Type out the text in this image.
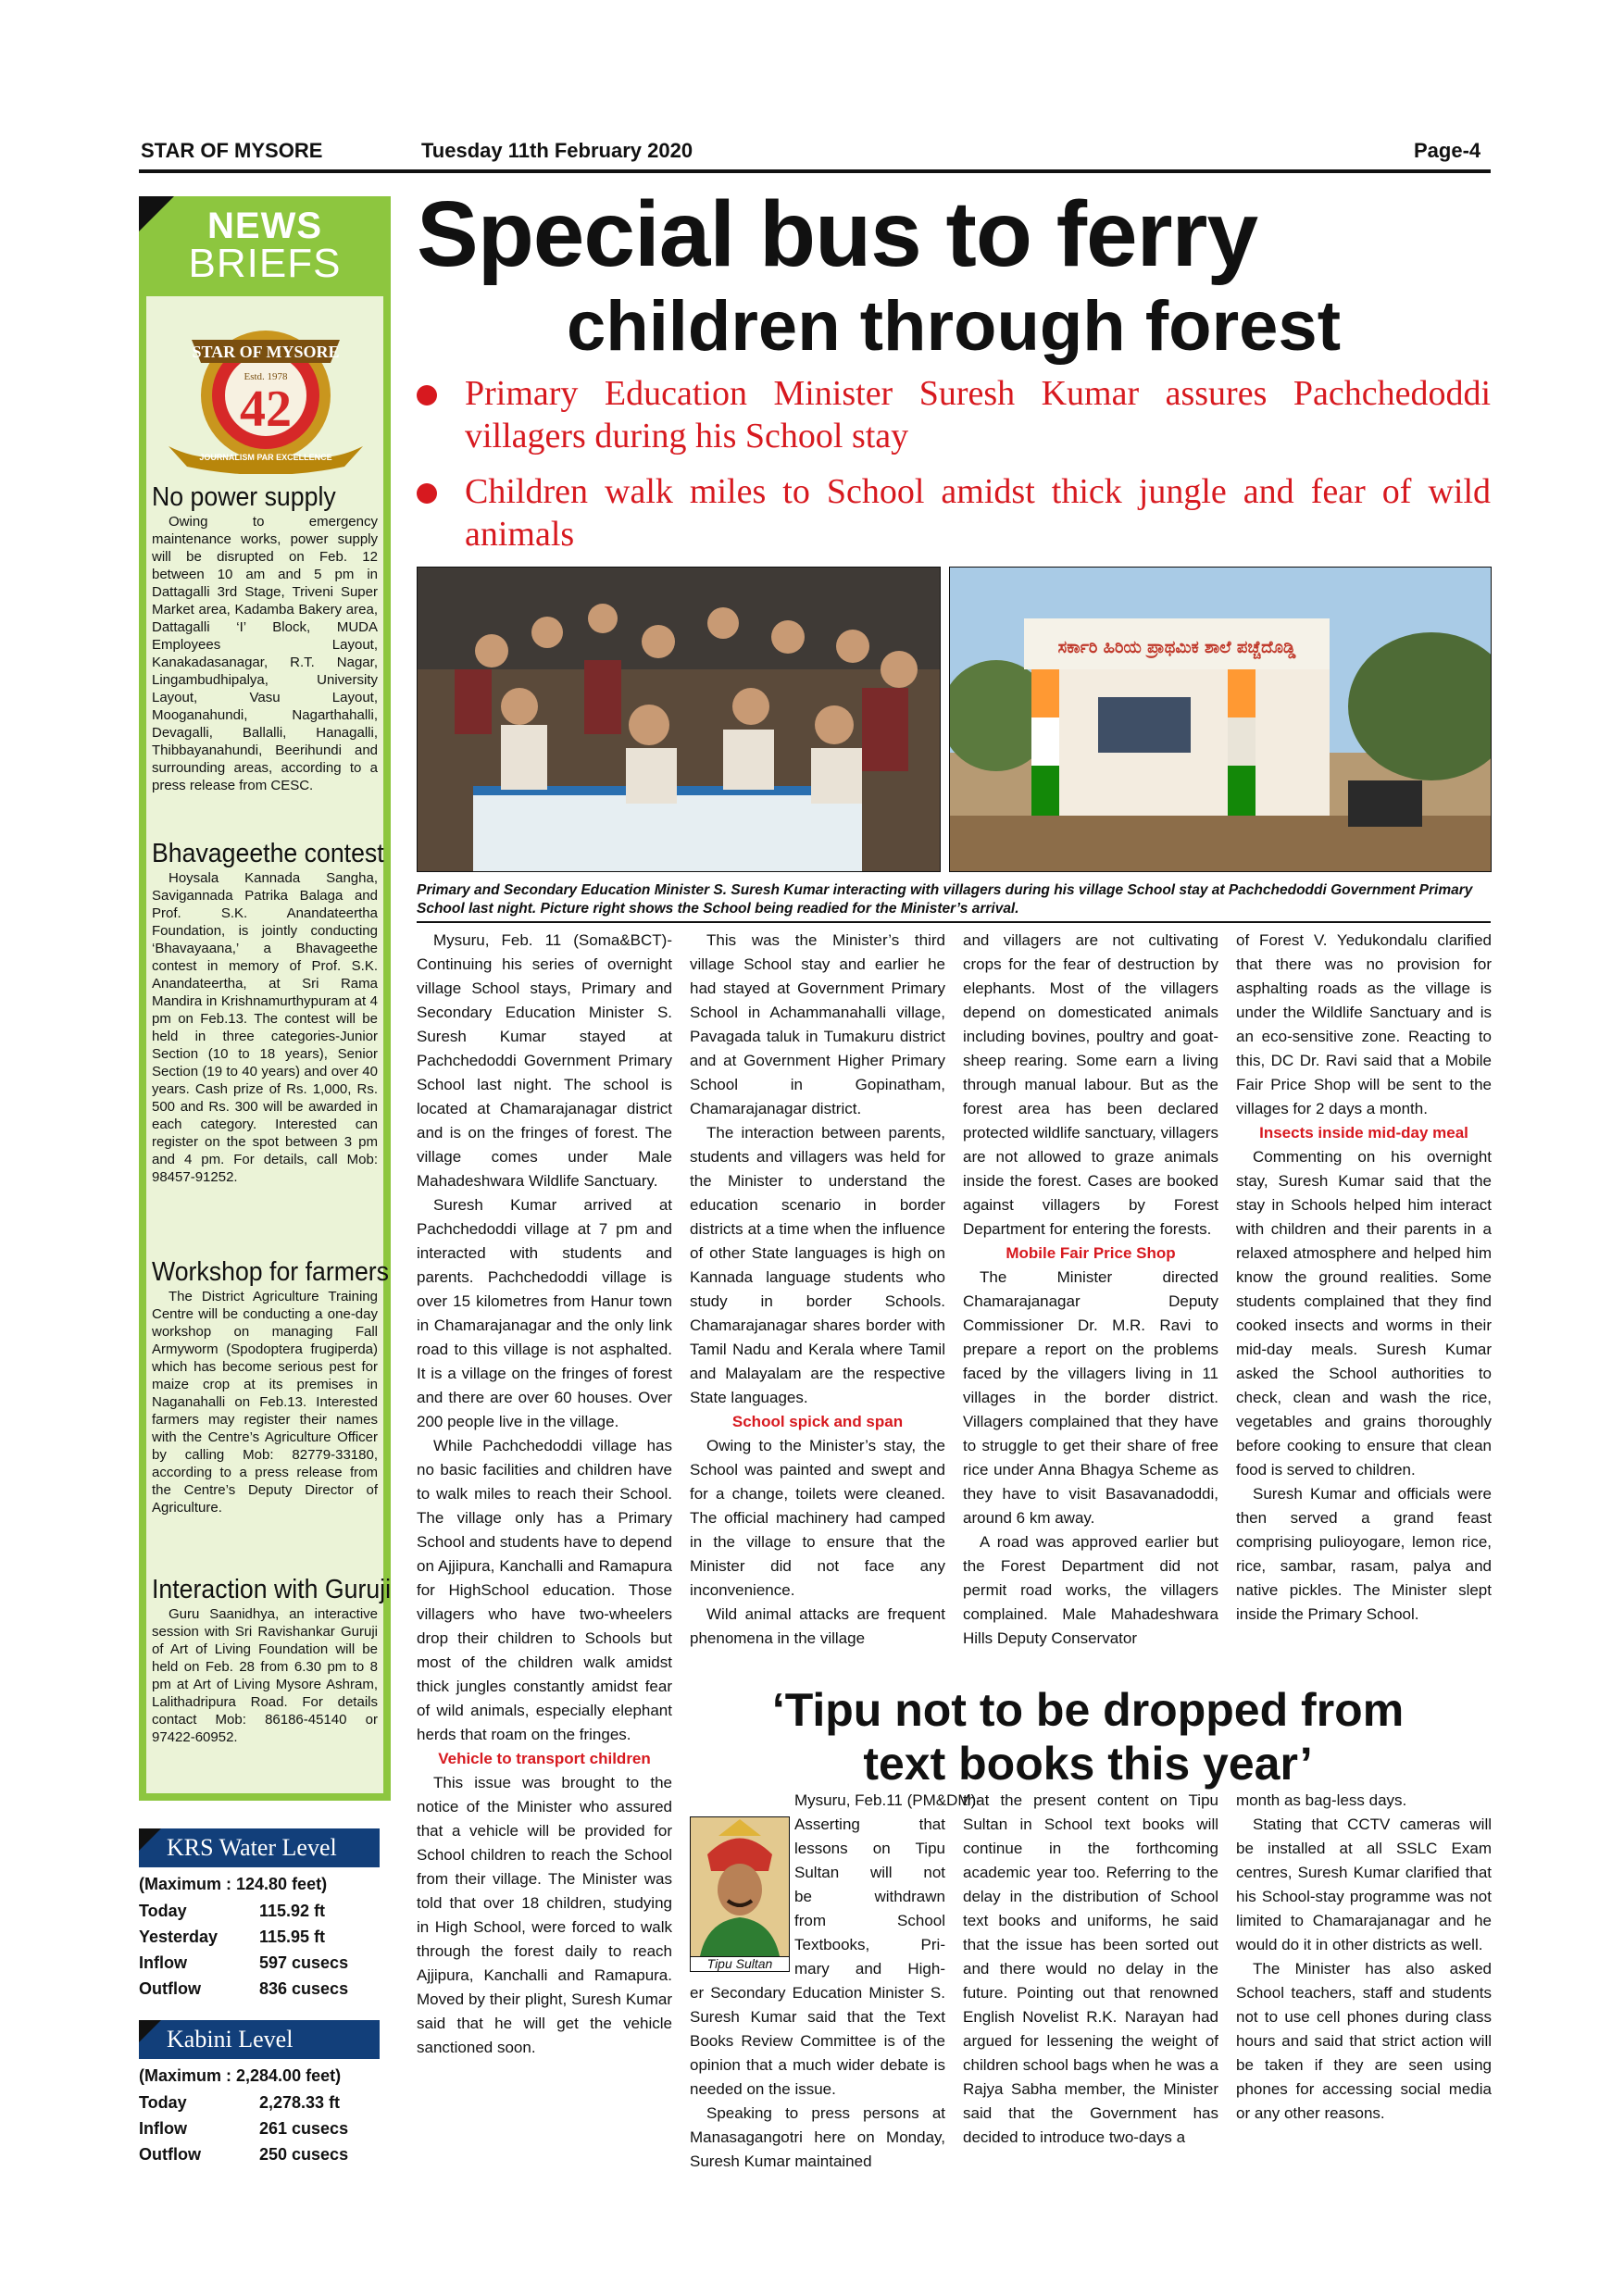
STAR OF MYSORE	Tuesday 11th February 2020	Page-4
NEWS
BRIEFS
STAR OF MYSORE
Estd. 1978
42
JOURNALISM PAR EXCELLENCE
No power supply

Owing to emergency maintenance works, power supply will be disrupted on Feb. 12 between 10 am and 5 pm in Dattagalli 3rd Stage, Triveni Super Market area, Kadamba Bakery area, Dattagalli ‘I’ Block, MUDA Employees Layout, Kanakadasanagar, R.T. Nagar, Lingambudhipalya, University Layout, Vasu Layout, Mooganahundi, Nagarthahalli, Devagalli, Ballalli, Hanagalli, Thibbayanahundi, Beerihundi and surrounding areas, according to a press release from CESC.

Bhavageethe contest

Hoysala Kannada Sangha, Savigannada Patrika Balaga and Prof. S.K. Anandateertha Foundation, is jointly conducting ‘Bhavayaana,’ a Bhavageethe contest in memory of Prof. S.K. Anandateertha, at Sri Rama Mandira in Krishnamurthypuram at 4 pm on Feb.13. The contest will be held in three categories-Junior Section (10 to 18 years), Senior Section (19 to 40 years) and over 40 years. Cash prize of Rs. 1,000, Rs. 500 and Rs. 300 will be awarded in each category. Interested can register on the spot between 3 pm and 4 pm. For details, call Mob: 98457-91252.

Workshop for farmers

The District Agriculture Training Centre will be conducting a one-day workshop on managing Fall Armyworm (Spodoptera frugiperda) which has become serious pest for maize crop at its premises in Naganahalli on Feb.13. Interested farmers may register their names with the Centre’s Agriculture Officer by calling Mob: 82779-33180, according to a press release from the Centre’s Deputy Director of Agriculture.

Interaction with Guruji

Guru Saanidhya, an interactive session with Sri Ravishankar Guruji of Art of Living Foundation will be held on Feb. 28 from 6.30 pm to 8 pm at Art of Living Mysore Ashram, Lalithadripura Road. For details contact Mob: 86186-45140 or 97422-60952.

KRS Water Level
(Maximum : 124.80 feet)
Today	115.92 ft
Yesterday	115.95 ft
Inflow	597 cusecs
Outflow	836 cusecs
Kabini Level
(Maximum : 2,284.00 feet)
Today	2,278.33 ft
Inflow	261 cusecs
Outflow	250 cusecs
Special bus to ferry
children through forest
Primary Education Minister Suresh Kumar assures Pachchedoddi villagers during his School stay
Children walk miles to School amidst thick jungle and fear of wild animals
ಸರ್ಕಾರಿ ಹಿರಿಯ ಪ್ರಾಥಮಿಕ ಶಾಲೆ ಪಚ್ಚೆದೊಡ್ಡಿ
Primary and Secondary Education Minister S. Suresh Kumar interacting with villagers during his village School stay at Pachchedoddi Government Primary School last night. Picture right shows the School being readied for the Minister’s arrival.

Mysuru, Feb. 11 (Soma&BCT)- Continuing his series of overnight village School stays, Primary and Secondary Education Minister S. Suresh Kumar stayed at Pachchedoddi Government Primary School last night. The school is located at Chamarajanagar district and is on the fringes of forest. The village comes under Male Mahadeshwara Wildlife Sanctuary.

Suresh Kumar arrived at Pachchedoddi village at 7 pm and interacted with students and parents. Pachchedoddi village is over 15 kilometres from Hanur town in Chamarajanagar and the only link road to this village is not asphalted. It is a village on the fringes of forest and there are over 60 houses. Over 200 people live in the village.

While Pachchedoddi village has no basic facilities and children have to walk miles to reach their School. The village only has a Primary School and students have to depend on Ajjipura, Kanchalli and Ramapura for HighSchool education. Those villagers who have two-wheelers drop their children to Schools but most of the children walk amidst thick jungles constantly amidst fear of wild animals, especially elephant herds that roam on the fringes.

Vehicle to transport children

This issue was brought to the notice of the Minister who assured that a vehicle will be provided for School children to reach the School from their village. The Minister was told that over 18 children, studying in High School, were forced to walk through the forest daily to reach Ajjipura, Kanchalli and Ramapura. Moved by their plight, Suresh Kumar said that he will get the vehicle sanctioned soon.

This was the Minister’s third village School stay and earlier he had stayed at Government Primary School in Achammanahalli village, Pavagada taluk in Tumakuru district and at Government Higher Primary School in Gopinatham, Chamarajanagar district.

The interaction between parents, students and villagers was held for the Minister to understand the education scenario in border districts at a time when the influence of other State languages is high on Kannada language students who study in border Schools. Chamarajanagar shares border with Tamil Nadu and Kerala where Tamil and Malayalam are the respective State languages.

School spick and span

Owing to the Minister’s stay, the School was painted and swept and for a change, toilets were cleaned. The official machinery had camped in the village to ensure that the Minister did not face any inconvenience.

Wild animal attacks are frequent phenomena in the village

and villagers are not cultivating crops for the fear of destruction by elephants. Most of the villagers depend on domesticated animals including bovines, poultry and goat-sheep rearing. Some earn a living through manual labour. But as the forest area has been declared protected wildlife sanctuary, villagers are not allowed to graze animals inside the forest. Cases are booked against villagers by Forest Department for entering the forests.

Mobile Fair Price Shop

The Minister directed Chamarajanagar Deputy Commissioner Dr. M.R. Ravi to prepare a report on the problems faced by the villagers living in 11 villages in the border district. Villagers complained that they have to struggle to get their share of free rice under Anna Bhagya Scheme as they have to visit Basavanadoddi, around 6 km away.

A road was approved earlier but the Forest Department did not permit road works, the villagers complained. Male Mahadeshwara Hills Deputy Conservator

of Forest V. Yedukondalu clarified that there was no provision for asphalting roads as the village is under the Wildlife Sanctuary and is an eco-sensitive zone. Reacting to this, DC Dr. Ravi said that a Mobile Fair Price Shop will be sent to the villages for 2 days a month.

Insects inside mid-day meal

Commenting on his overnight stay, Suresh Kumar said that the stay in Schools helped him interact with children and their parents in a relaxed atmosphere and helped him know the ground realities. Some students complained that they find cooked insects and worms in their mid-day meals. Suresh Kumar asked the School authorities to check, clean and wash the rice, vegetables and grains thoroughly before cooking to ensure that clean food is served to children.

Suresh Kumar and officials were then served a grand feast comprising pulioyogare, lemon rice, rice, sambar, rasam, palya and native pickles. The Minister slept inside the Primary School.

‘Tipu not to be dropped from
text books this year’
Tipu Sultan
Mysuru, Feb.11 (PM&DM)-
Asserting that
lessons on Tipu
Sultan will not
be withdrawn
from School
Textbooks, Pri-
mary and High-

er Secondary Education Minister S. Suresh Kumar said that the Text Books Review Committee is of the opinion that a much wider debate is needed on the issue.

Speaking to press persons at Manasagangotri here on Monday, Suresh Kumar maintained

that the present content on Tipu Sultan in School text books will continue in the forthcoming academic year too. Referring to the delay in the distribution of School text books and uniforms, he said that the issue has been sorted out and there would no delay in the future. Pointing out that renowned English Novelist R.K. Narayan had argued for lessening the weight of children school bags when he was a Rajya Sabha member, the Minister said that the Government has decided to introduce two-days a

month as bag-less days.

Stating that CCTV cameras will be installed at all SSLC Exam centres, Suresh Kumar clarified that his School-stay programme was not limited to Chamarajanagar and he would do it in other districts as well.

The Minister has also asked School teachers, staff and students not to use cell phones during class hours and said that strict action will be taken if they are seen using phones for accessing social media or any other reasons.
